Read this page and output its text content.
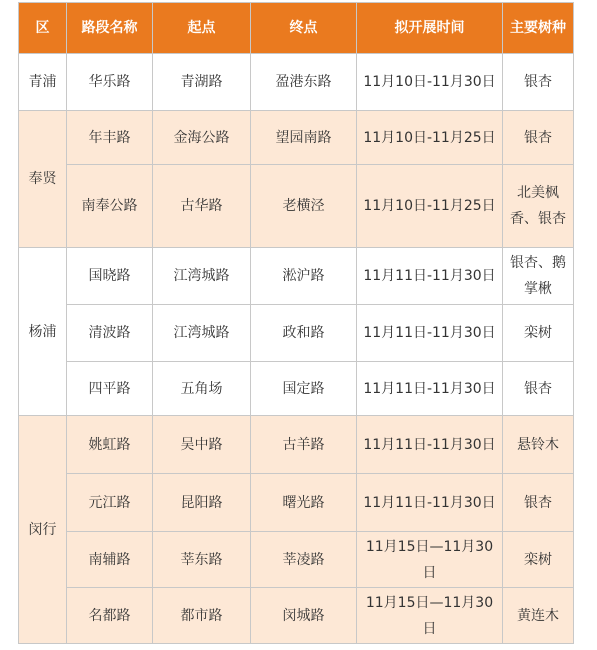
区	路段名称	起点	终点	拟开展时间	主要树种
青浦	华乐路	青湖路	盈港东路	11月10日-11月30日	银杏
奉贤	年丰路	金海公路	望园南路	11月10日-11月25日	银杏
	南奉公路	古华路	老横泾	11月10日-11月25日	北美枫香、银杏
杨浦	国晓路	江湾城路	淞沪路	11月11日-11月30日	银杏、鹅掌楸
	清波路	江湾城路	政和路	11月11日-11月30日	栾树
	四平路	五角场	国定路	11月11日-11月30日	银杏
闵行	姚虹路	吴中路	古羊路	11月11日-11月30日	悬铃木
	元江路	昆阳路	曙光路	11月11日-11月30日	银杏
	南辅路	莘东路	莘凌路	11月15日—11月30日	栾树
	名都路	都市路	闵城路	11月15日—11月30日	黄连木
